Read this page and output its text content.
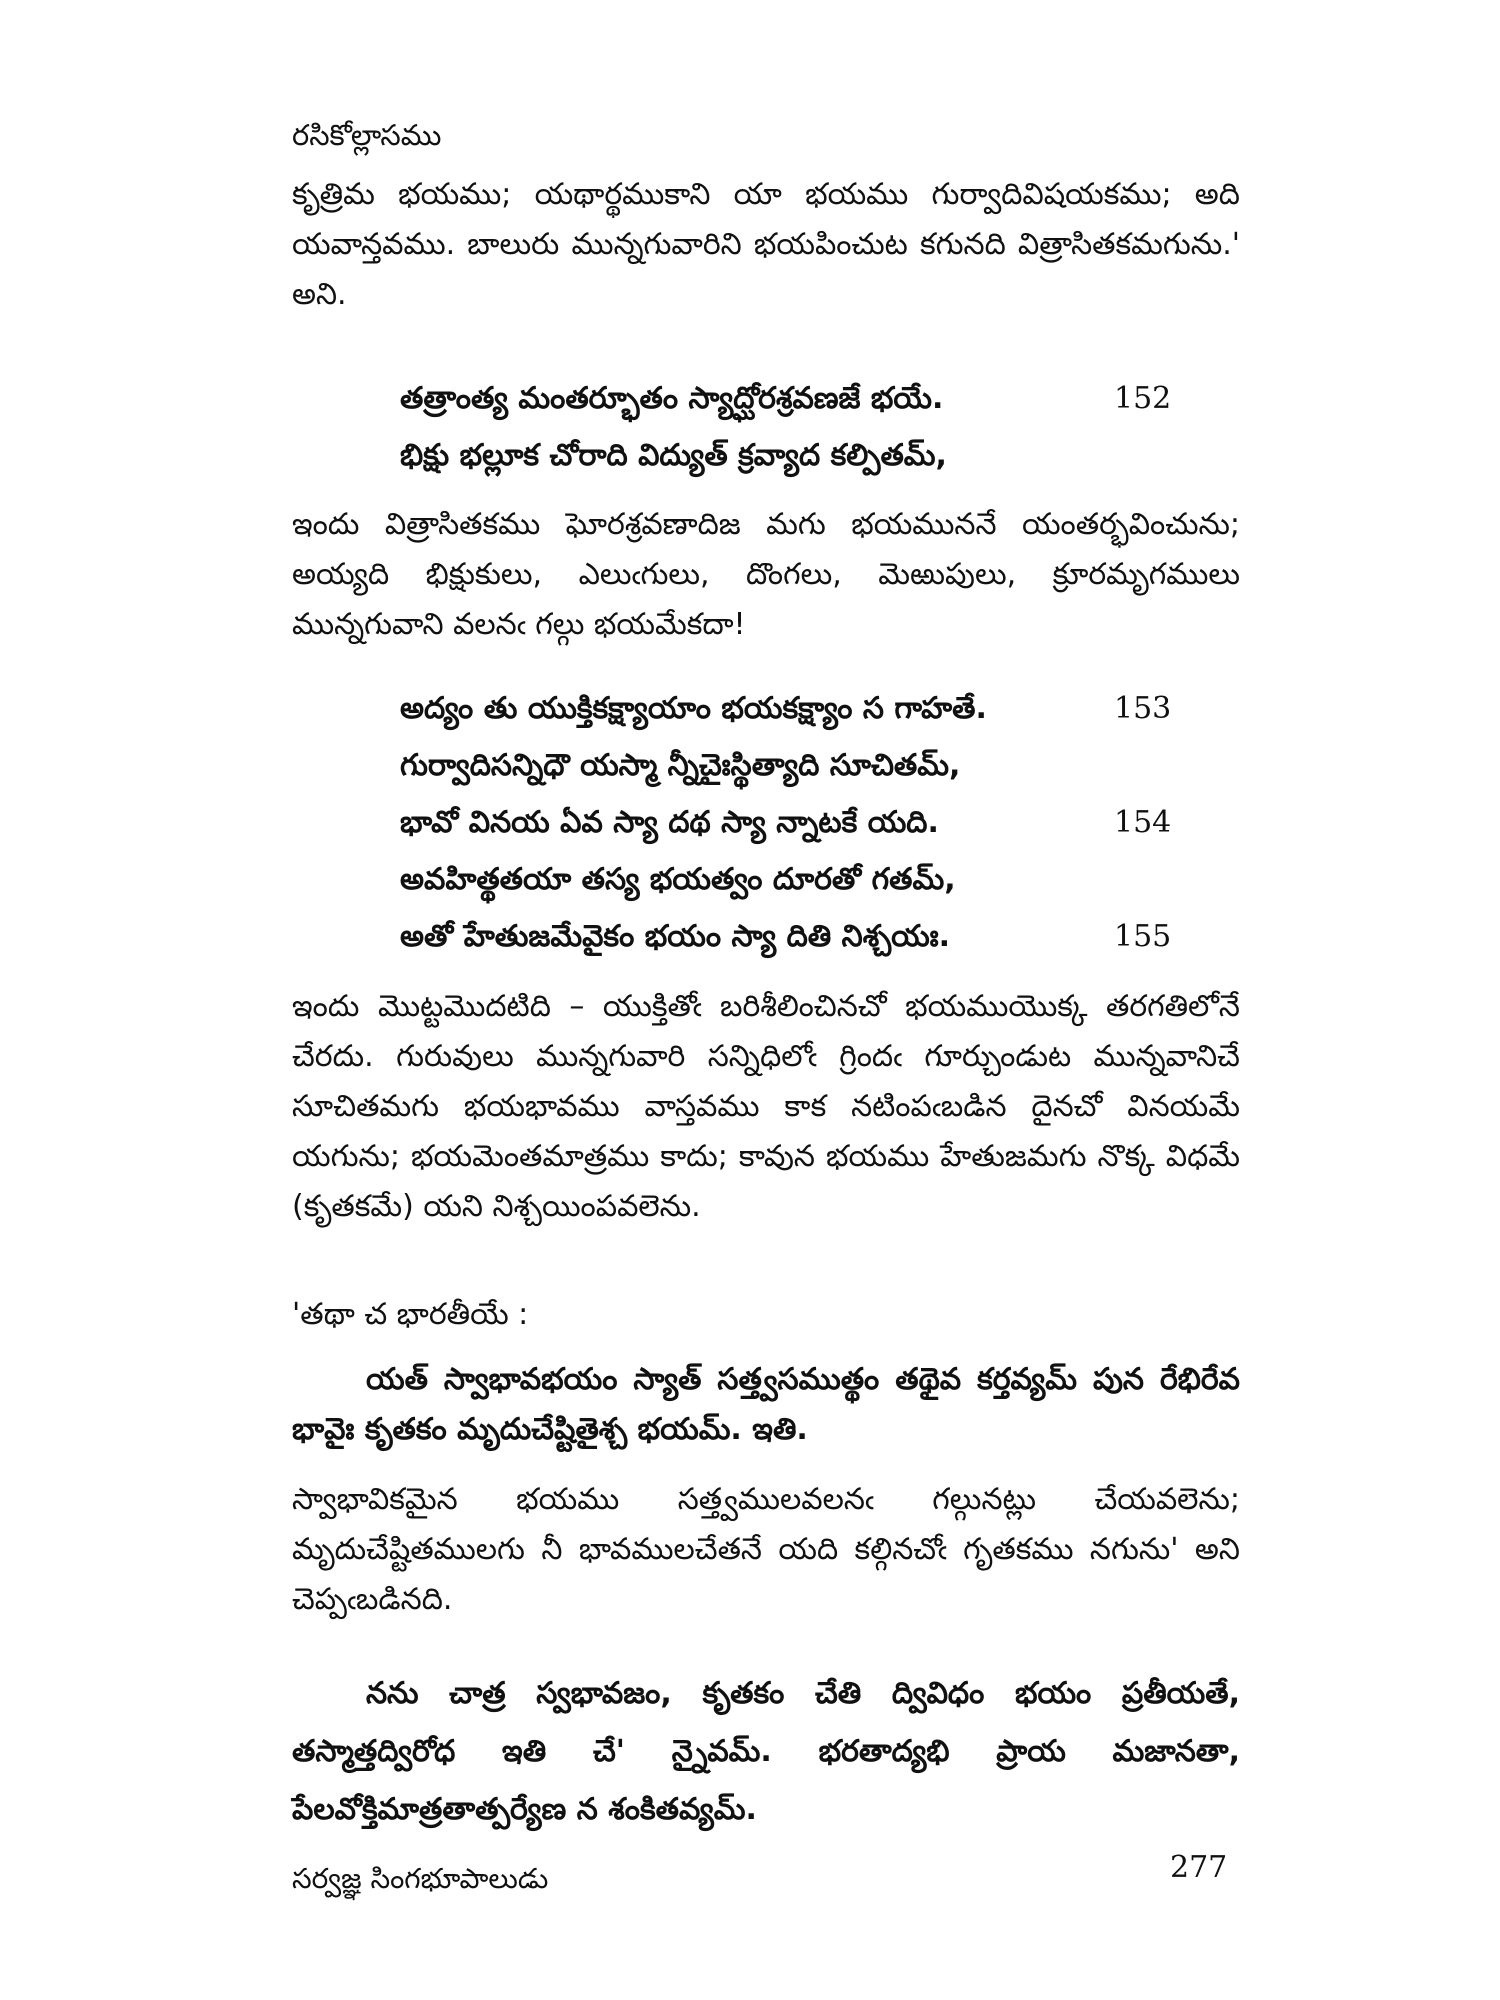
రసికోల్లాసము

కృత్రిమ భయము; యథార్థముకాని యా భయము గుర్వాదివిషయకము; అది యవాన్తవము. బాలురు మున్నగువారిని భయపించుట కగునది విత్రాసితకమగును.' అని.

తత్రాంత్య మంతర్భూతం స్యాద్ఘోరశ్రవణజే భయే.	152
భిక్షు భల్లూక చోరాది విద్యుత్ క్రవ్యాద కల్పితమ్,

ఇందు విత్రాసితకము ఘోరశ్రవణాదిజ మగు భయముననే యంతర్భవించును; అయ్యది భిక్షుకులు, ఎలుఁగులు, దొంగలు, మెఱుపులు, క్రూరమృగములు మున్నగువాని వలనఁ గల్గు భయమేకదా!

అద్యం తు యుక్తికక్ష్యాయాం భయకక్ష్యాం స గాహతే.	153
గుర్వాదిసన్నిధౌ యస్మా న్నీచైఃస్థిత్యాది సూచితమ్,
భావో వినయ ఏవ స్యా దథ స్యా న్నాటకే యది.	154
అవహిత్థతయా తస్య భయత్వం దూరతో గతమ్,
అతో హేతుజమేవైకం భయం స్యా దితి నిశ్చయః.	155

ఇందు మొట్టమొదటిది – యుక్తితోఁ బరిశీలించినచో భయముయొక్క తరగతిలోనే చేరదు. గురువులు మున్నగువారి సన్నిధిలోఁ గ్రిందఁ గూర్చుండుట మున్నవానిచే సూచితమగు భయభావము వాస్తవము కాక నటింపఁబడిన దైనచో వినయమే యగును; భయమెంతమాత్రము కాదు; కావున భయము హేతుజమగు నొక్క విధమే (కృతకమే) యని నిశ్చయింపవలెను.

'తథా చ భారతీయే :

యత్ స్వాభావభయం స్యాత్ సత్త్వసముత్థం తథైవ కర్తవ్యమ్ పున రేభిరేవ భావైః కృతకం మృదుచేష్టితైశ్చ భయమ్. ఇతి.

స్వాభావికమైన భయము సత్త్వములవలనఁ గల్గునట్లు చేయవలెను; మృదుచేష్టితములగు నీ భావములచేతనే యది కల్గినచోఁ గృతకము నగును' అని చెప్పఁబడినది.

నను చాత్ర స్వభావజం, కృతకం చేతి ద్వివిధం భయం ప్రతీయతే, తస్మాత్తద్విరోధ ఇతి చే' న్నైవమ్. భరతాద్యభి ప్రాయ మజానతా, పేలవోక్తిమాత్రతాత్పర్యేణ న శంకితవ్యమ్.

సర్వజ్ఞ సింగభూపాలుడు	277
